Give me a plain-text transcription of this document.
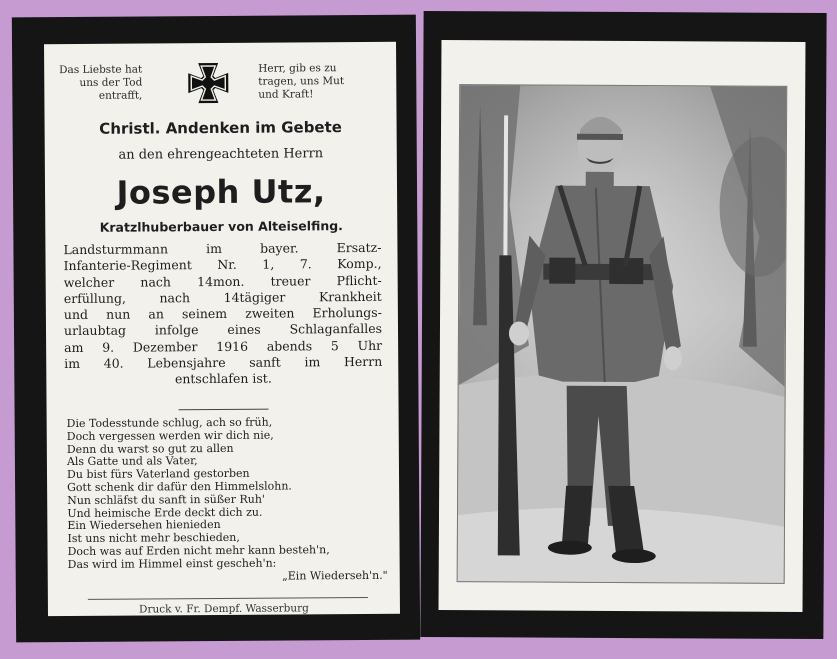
Das Liebste hat
uns der Tod
entrafft,
Herr, gib es zu
tragen, uns Mut
und Kraft!
Christl. Andenken im Gebete
an den ehrengeachteten Herrn
Joseph Utz,
Kratzlhuberbauer von Alteiselfing.
Landsturmmann im bayer. Ersatz-
Infanterie-Regiment Nr. 1, 7. Komp.,
welcher nach 14mon. treuer Pflicht-
erfüllung, nach 14tägiger Krankheit
und nun an seinem zweiten Erholungs-
urlaubtag infolge eines Schlaganfalles
am 9. Dezember 1916 abends 5 Uhr
im 40. Lebensjahre sanft im Herrn
entschlafen ist.
Die Todesstunde schlug, ach so früh,
Doch vergessen werden wir dich nie,
Denn du warst so gut zu allen
Als Gatte und als Vater,
Du bist fürs Vaterland gestorben
Gott schenk dir dafür den Himmelslohn.
Nun schläfst du sanft in süßer Ruh'
Und heimische Erde deckt dich zu.
Ein Wiedersehen hienieden
Ist uns nicht mehr beschieden,
Doch was auf Erden nicht mehr kann besteh'n,
Das wird im Himmel einst gescheh'n:
„Ein Wiederseh'n."
Druck v. Fr. Dempf. Wasserburg
